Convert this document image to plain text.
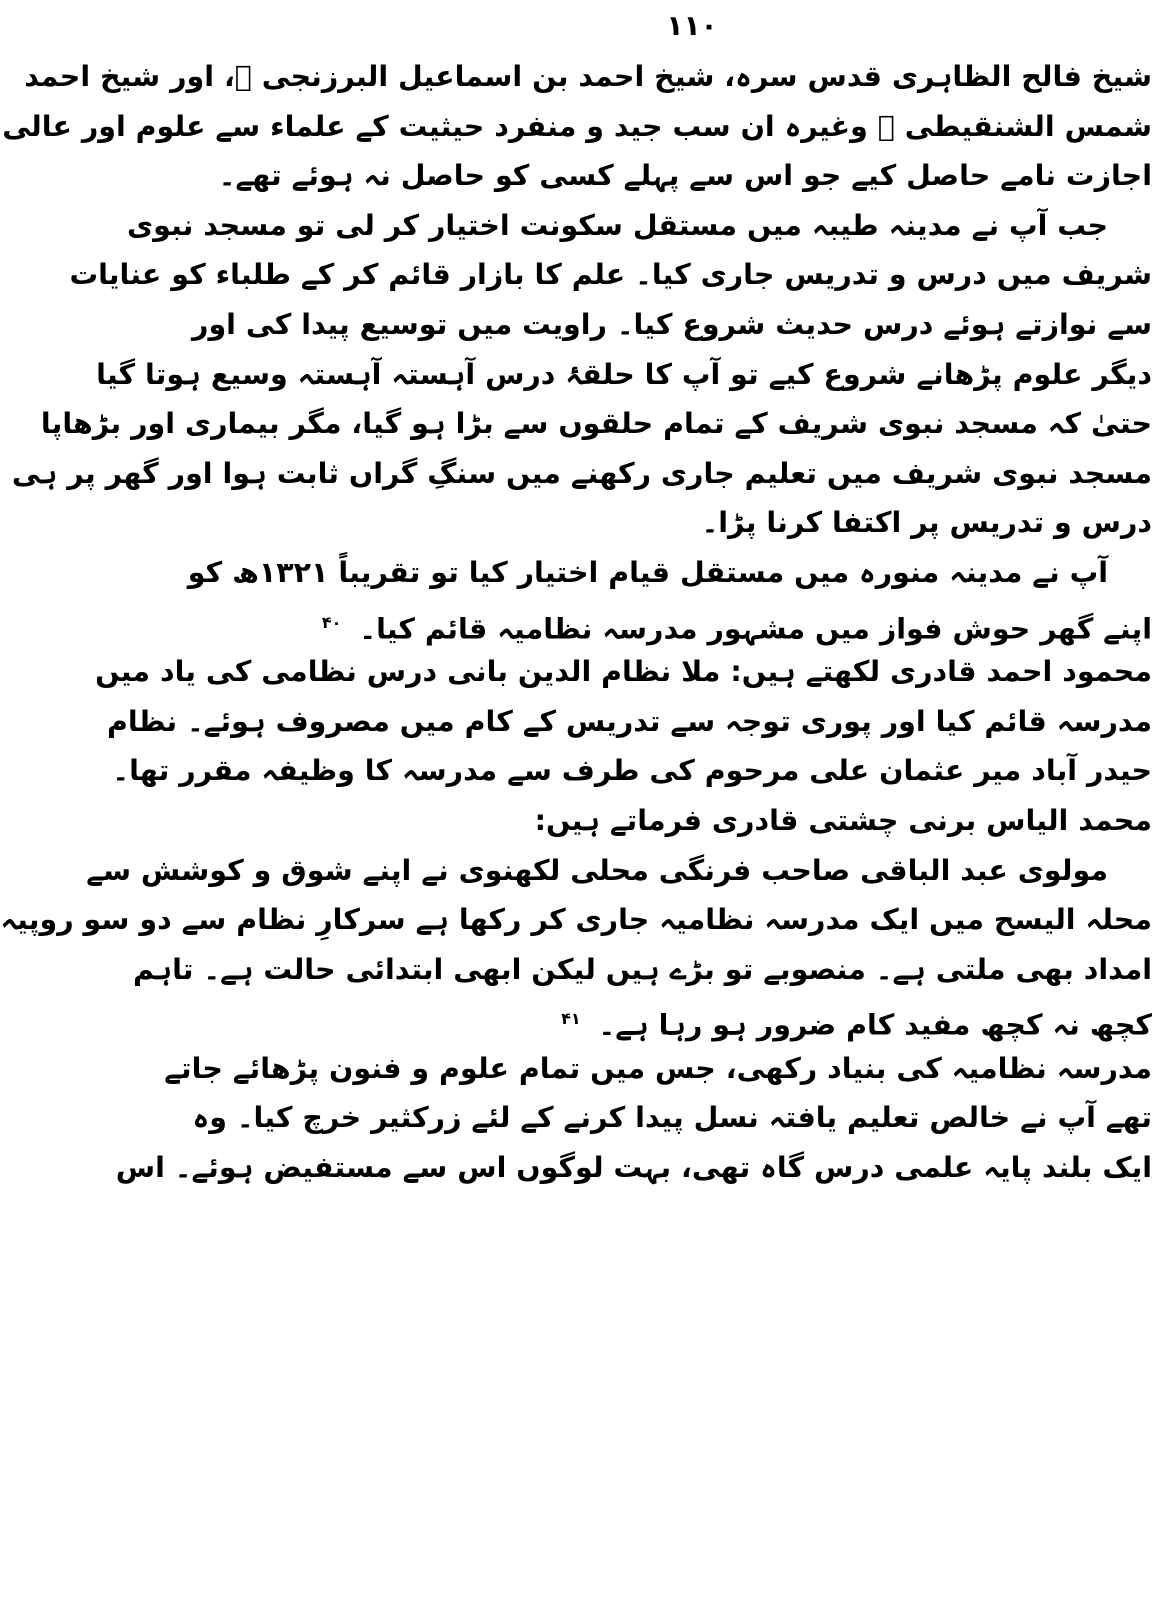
۱۱۰
شیخ فالح الظاہری قدس سرہ، شیخ احمد بن اسماعیل البرزنجی ﷫، اور شیخ احمد
شمس الشنقیطی ﷫ وغیرہ ان سب جید و منفرد حیثیت کے علماء سے علوم اور عالی
اجازت نامے حاصل کیے جو اس سے پہلے کسی کو حاصل نہ ہوئے تھے۔
جب آپ نے مدینہ طیبہ میں مستقل سکونت اختیار کر لی تو مسجد نبوی
شریف میں درس و تدریس جاری کیا۔ علم کا بازار قائم کر کے طلباء کو عنایات
سے نوازتے ہوئے درس حدیث شروع کیا۔ راویت میں توسیع پیدا کی اور
دیگر علوم پڑھانے شروع کیے تو آپ کا حلقۂ درس آہستہ آہستہ وسیع ہوتا گیا
حتیٰ کہ مسجد نبوی شریف کے تمام حلقوں سے بڑا ہو گیا، مگر بیماری اور بڑھاپا
مسجد نبوی شریف میں تعلیم جاری رکھنے میں سنگِ گراں ثابت ہوا اور گھر پر ہی
درس و تدریس پر اکتفا کرنا پڑا۔
آپ نے مدینہ منورہ میں مستقل قیام اختیار کیا تو تقریباً ۱۳۲۱ھ کو
اپنے گھر حوش فواز میں مشہور مدرسہ نظامیہ قائم کیا۔ $^{۴۰}$
محمود احمد قادری لکھتے ہیں: ملا نظام الدین بانی درس نظامی کی یاد میں
مدرسہ قائم کیا اور پوری توجہ سے تدریس کے کام میں مصروف ہوئے۔ نظام
حیدر آباد میر عثمان علی مرحوم کی طرف سے مدرسہ کا وظیفہ مقرر تھا۔
محمد الیاس برنی چشتی قادری فرماتے ہیں:
مولوی عبد الباقی صاحب فرنگی محلی لکھنوی نے اپنے شوق و کوشش سے
محلہ الیسح میں ایک مدرسہ نظامیہ جاری کر رکھا ہے سرکارِ نظام سے دو سو روپیہ
امداد بھی ملتی ہے۔ منصوبے تو بڑے ہیں لیکن ابھی ابتدائی حالت ہے۔ تاہم
کچھ نہ کچھ مفید کام ضرور ہو رہا ہے۔ $^{۴۱}$
مدرسہ نظامیہ کی بنیاد رکھی، جس میں تمام علوم و فنون پڑھائے جاتے
تھے آپ نے خالص تعلیم یافتہ نسل پیدا کرنے کے لئے زرکثیر خرچ کیا۔ وہ
ایک بلند پایہ علمی درس گاہ تھی، بہت لوگوں اس سے مستفیض ہوئے۔ اس
